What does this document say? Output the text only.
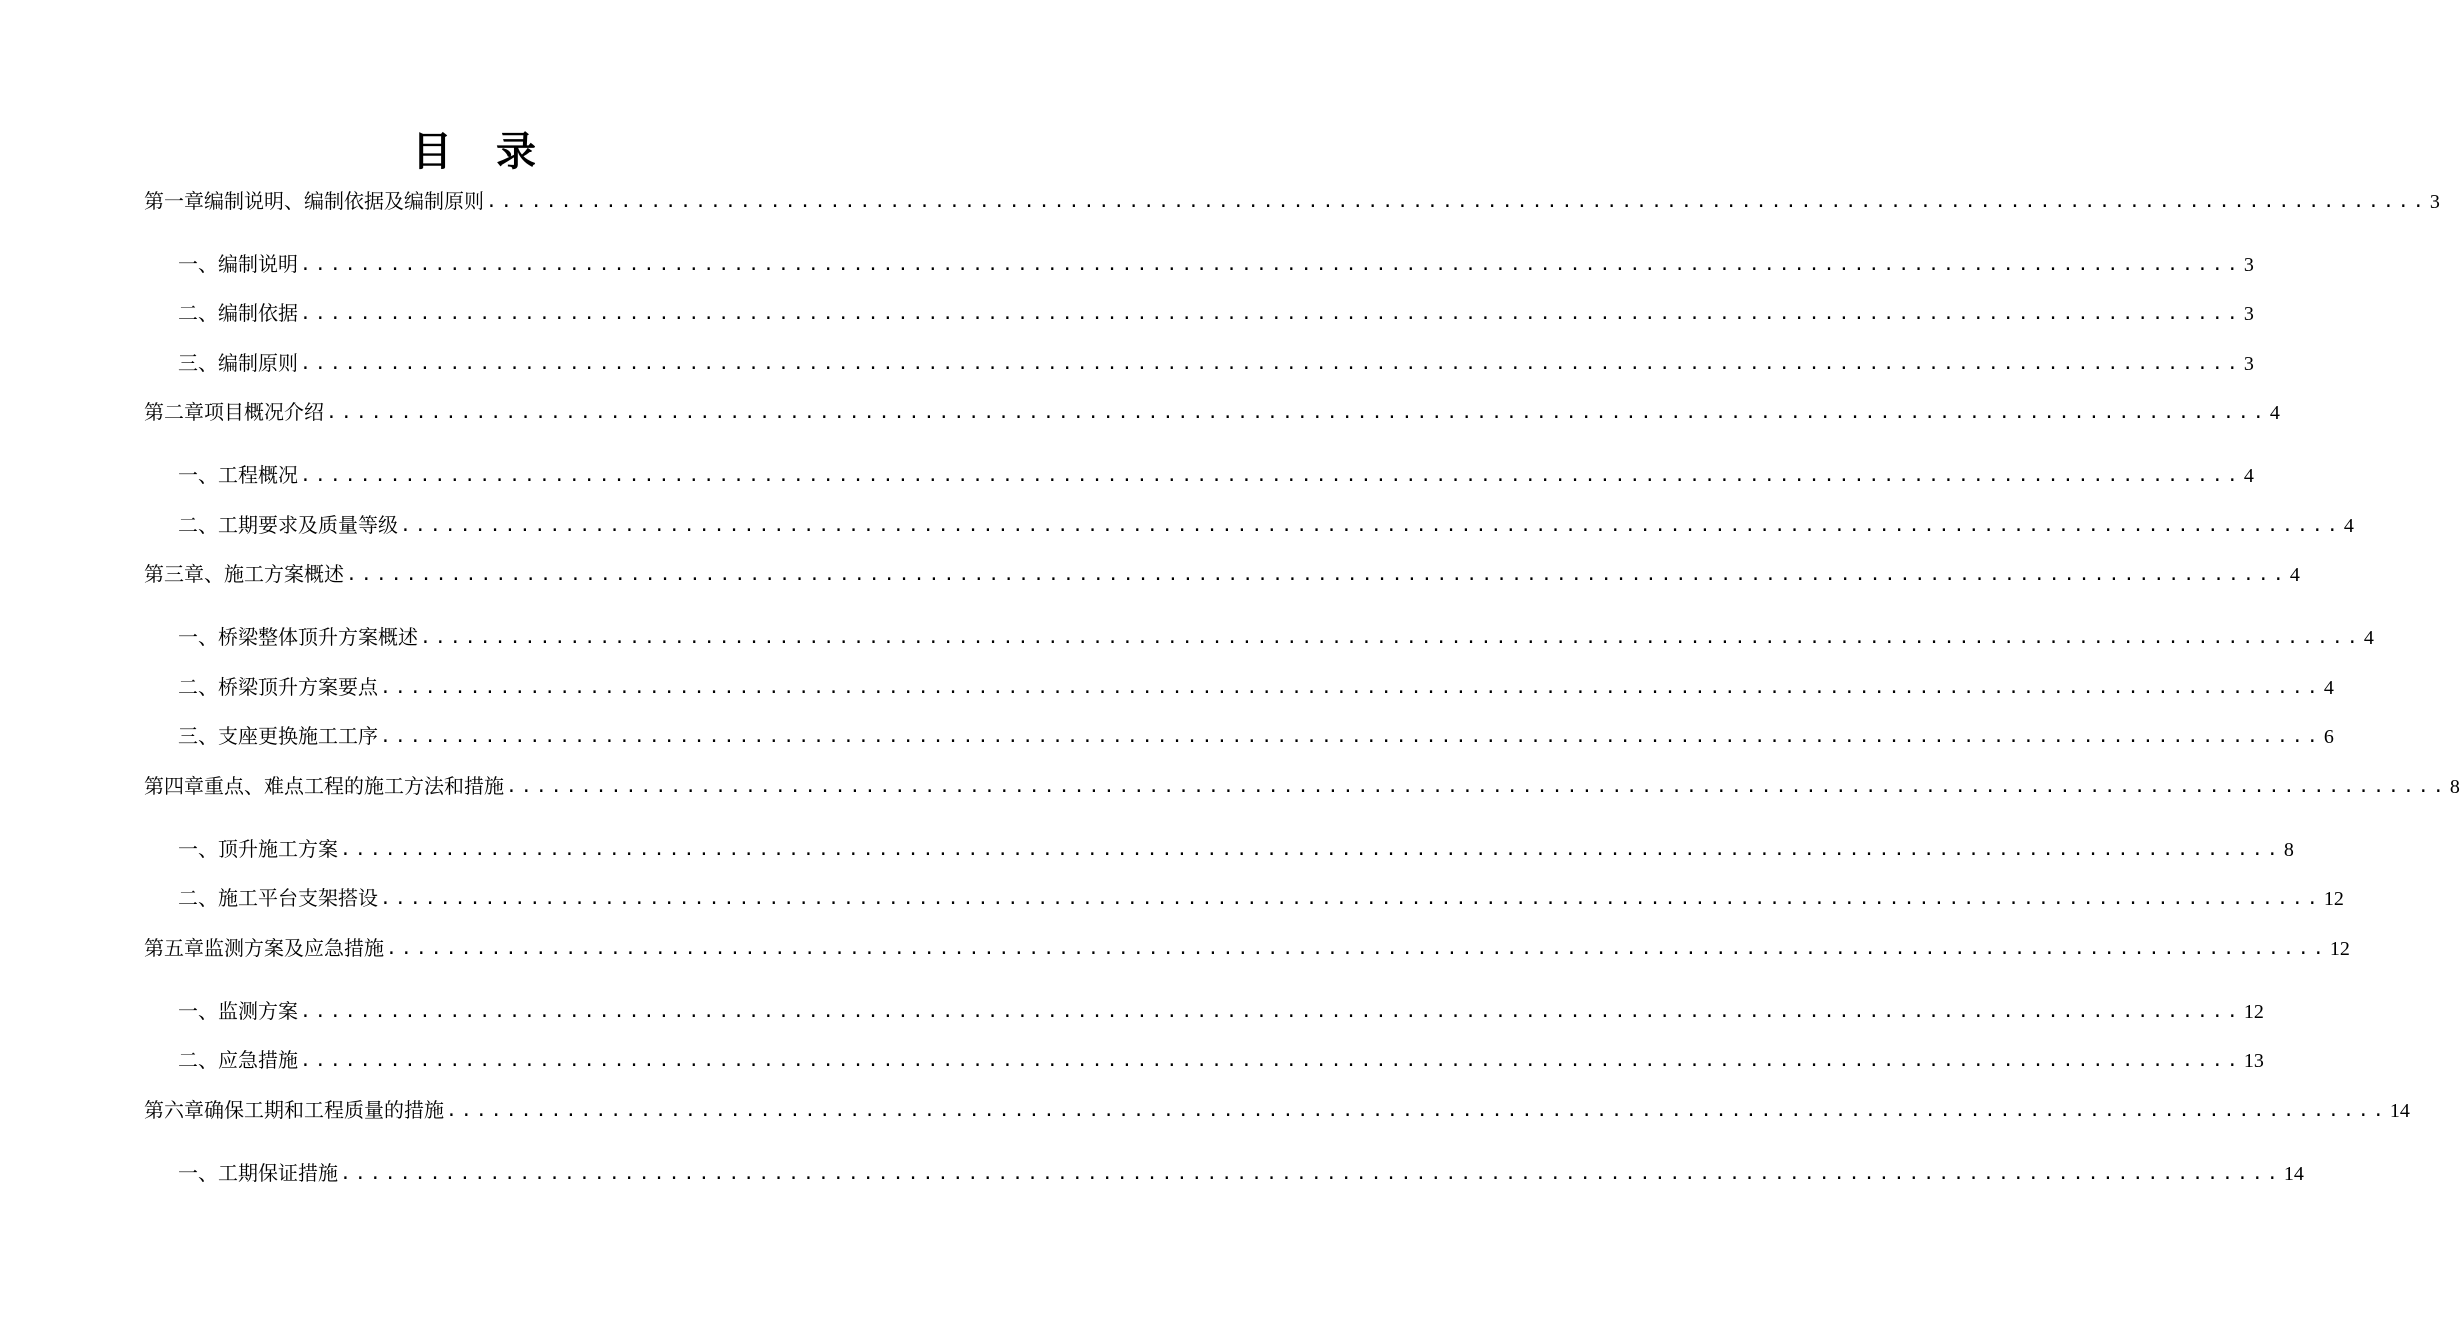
目　录
第一章 编制说明、编制依据及编制原则 .................................................................................................................................. 3
一、 编制说明 .................................................................................................................................. 3
二、 编制依据 .................................................................................................................................. 3
三、 编制原则 .................................................................................................................................. 3
第二章 项目概况介绍 .................................................................................................................................. 4
一、工程概况 .................................................................................................................................. 4
二、工期要求及质量等级 .................................................................................................................................. 4
第三章 、施工方案概述 .................................................................................................................................. 4
一、 桥梁整体顶升方案概述 .................................................................................................................................. 4
二、 桥梁顶升方案要点 .................................................................................................................................. 4
三、支座更换施工工序 .................................................................................................................................. 6
第四章 重点、难点工程的施工方法和措施 .................................................................................................................................. 8
一、 顶升施工方案 .................................................................................................................................. 8
二、 施工平台支架搭设 .................................................................................................................................. 12
第五章 监测方案及应急措施 .................................................................................................................................. 12
一、 监测方案 .................................................................................................................................. 12
二、 应急措施 .................................................................................................................................. 13
第六章 确保工期和工程质量的措施 .................................................................................................................................. 14
一、 工期保证措施 .................................................................................................................................. 14
